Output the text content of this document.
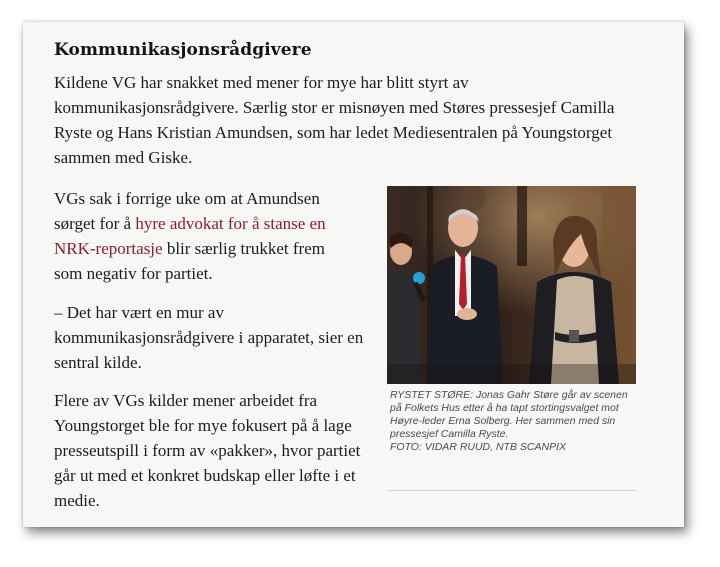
Kommunikasjonsrådgivere

Kildene VG har snakket med mener for mye har blitt styrt av kommunikasjonsrådgivere. Særlig stor er misnøyen med Støres pressesjef Camilla Ryste og Hans Kristian Amundsen, som har ledet Mediesentralen på Youngstorget sammen med Giske.

VGs sak i forrige uke om at Amundsen sørget for å hyre advokat for å stanse en NRK-reportasje blir særlig trukket frem som negativ for partiet.

– Det har vært en mur av kommunikasjonsrådgivere i apparatet, sier en sentral kilde.

Flere av VGs kilder mener arbeidet fra Youngstorget ble for mye fokusert på å lage presseutspill i form av «pakker», hvor partiet går ut med et konkret budskap eller løfte i et medie.

RYSTET STØRE: Jonas Gahr Støre går av scenen på Folkets Hus etter å ha tapt stortingsvalget mot Høyre-leder Erna Solberg. Her sammen med sin pressesjef Camilla Ryste.
FOTO: VIDAR RUUD, NTB SCANPIX
